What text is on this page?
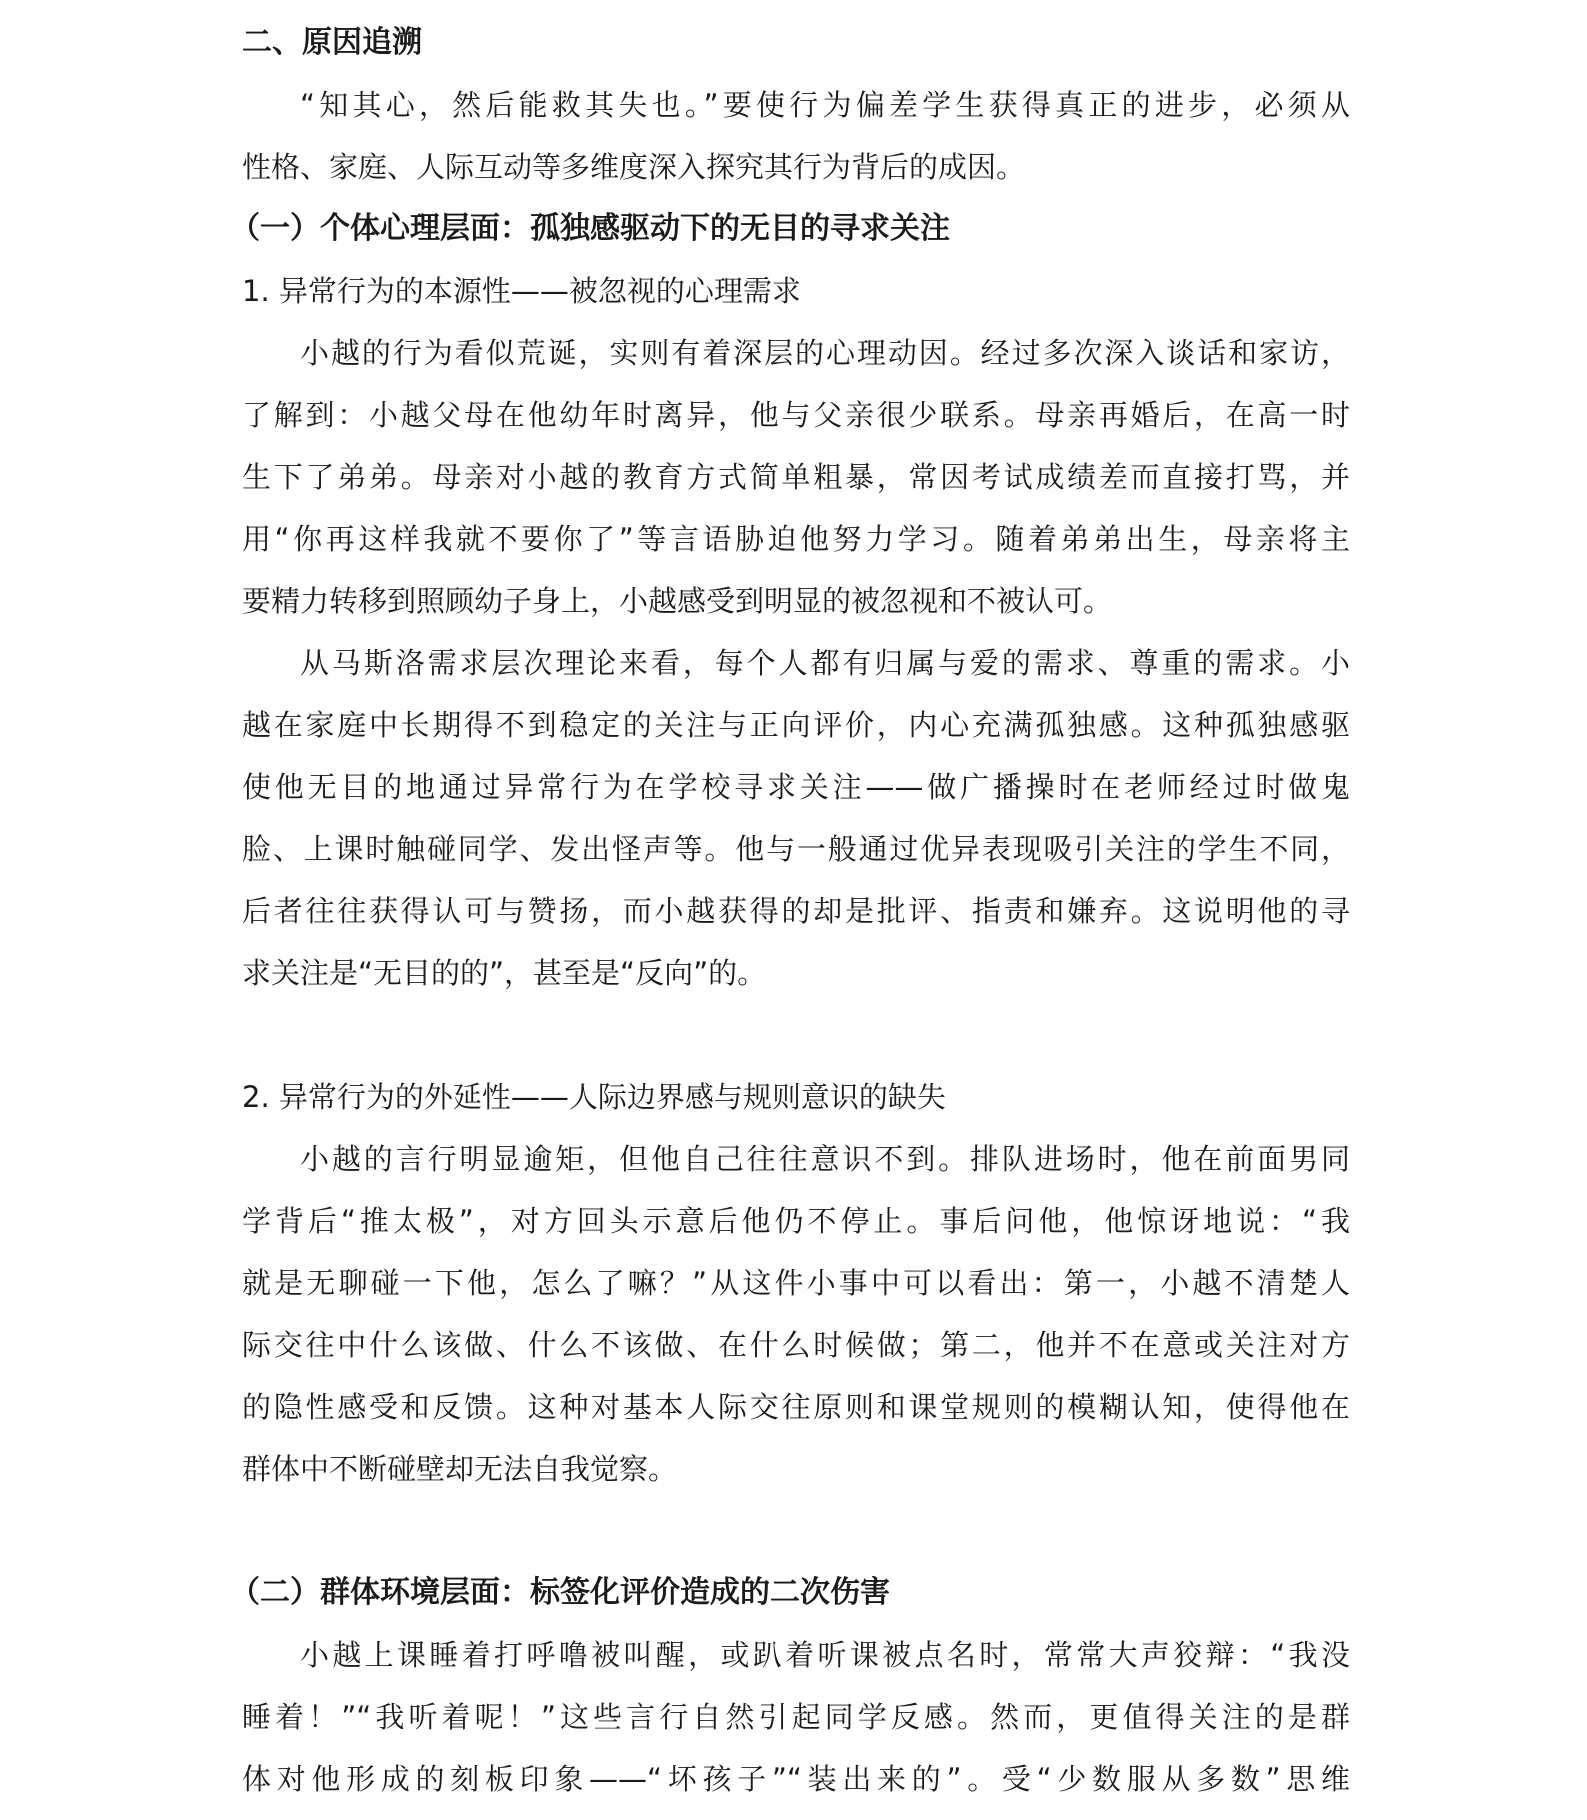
二、原因追溯

“知其心，然后能救其失也。”要使行为偏差学生获得真正的进步，必须从

性格、家庭、人际互动等多维度深入探究其行为背后的成因。

（一）个体心理层面：孤独感驱动下的无目的寻求关注

1. 异常行为的本源性——被忽视的心理需求

小越的行为看似荒诞，实则有着深层的心理动因。经过多次深入谈话和家访，

了解到：小越父母在他幼年时离异，他与父亲很少联系。母亲再婚后，在高一时

生下了弟弟。母亲对小越的教育方式简单粗暴，常因考试成绩差而直接打骂，并

用“你再这样我就不要你了”等言语胁迫他努力学习。随着弟弟出生，母亲将主

要精力转移到照顾幼子身上，小越感受到明显的被忽视和不被认可。

从马斯洛需求层次理论来看，每个人都有归属与爱的需求、尊重的需求。小

越在家庭中长期得不到稳定的关注与正向评价，内心充满孤独感。这种孤独感驱

使他无目的地通过异常行为在学校寻求关注——做广播操时在老师经过时做鬼

脸、上课时触碰同学、发出怪声等。他与一般通过优异表现吸引关注的学生不同，

后者往往获得认可与赞扬，而小越获得的却是批评、指责和嫌弃。这说明他的寻

求关注是“无目的的”，甚至是“反向”的。

2. 异常行为的外延性——人际边界感与规则意识的缺失

小越的言行明显逾矩，但他自己往往意识不到。排队进场时，他在前面男同

学背后“推太极”，对方回头示意后他仍不停止。事后问他，他惊讶地说：“我

就是无聊碰一下他，怎么了嘛？”从这件小事中可以看出：第一，小越不清楚人

际交往中什么该做、什么不该做、在什么时候做；第二，他并不在意或关注对方

的隐性感受和反馈。这种对基本人际交往原则和课堂规则的模糊认知，使得他在

群体中不断碰壁却无法自我觉察。

（二）群体环境层面：标签化评价造成的二次伤害

小越上课睡着打呼噜被叫醒，或趴着听课被点名时，常常大声狡辩：“我没

睡着！”“我听着呢！”这些言行自然引起同学反感。然而，更值得关注的是群

体对他形成的刻板印象——“坏孩子”“装出来的”。受“少数服从多数”思维
